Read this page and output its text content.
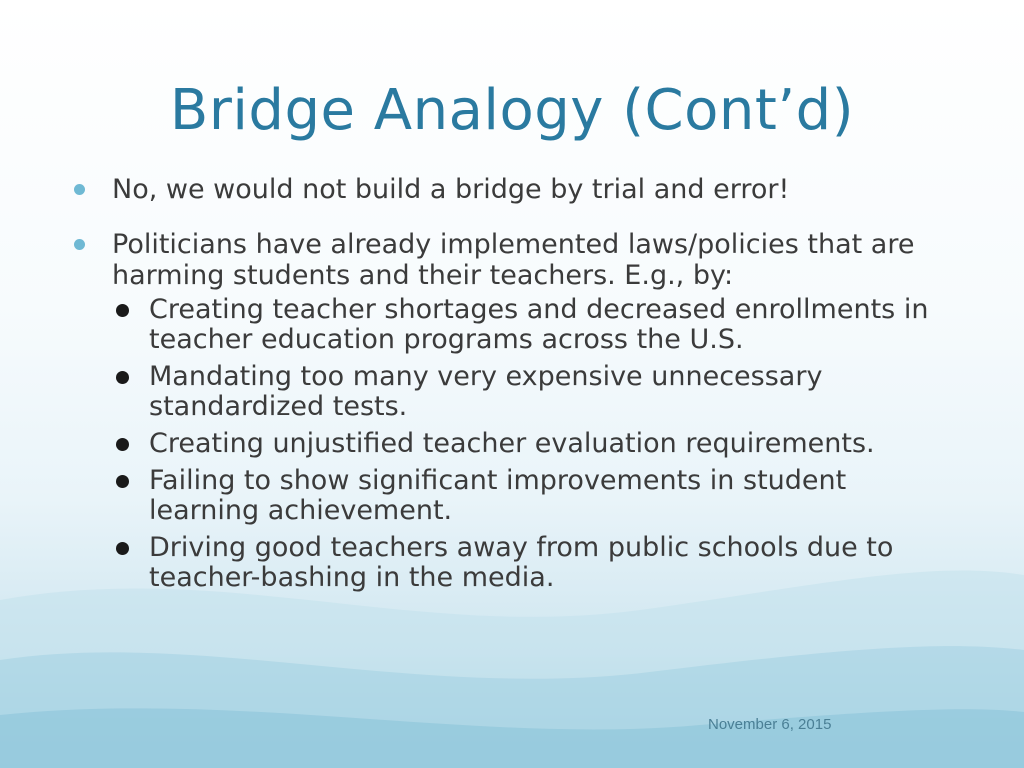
Bridge Analogy (Cont’d)
No, we would not build a bridge by trial and error!
Politicians have already implemented laws/policies that are harming students and their teachers. E.g., by:
Creating teacher shortages and decreased enrollments in teacher education programs across the U.S.
Mandating too many very expensive unnecessary standardized tests.
Creating unjustified teacher evaluation requirements.
Failing to show significant improvements in student learning achievement.
Driving good teachers away from public schools due to teacher-bashing in the media.
November 6, 2015
